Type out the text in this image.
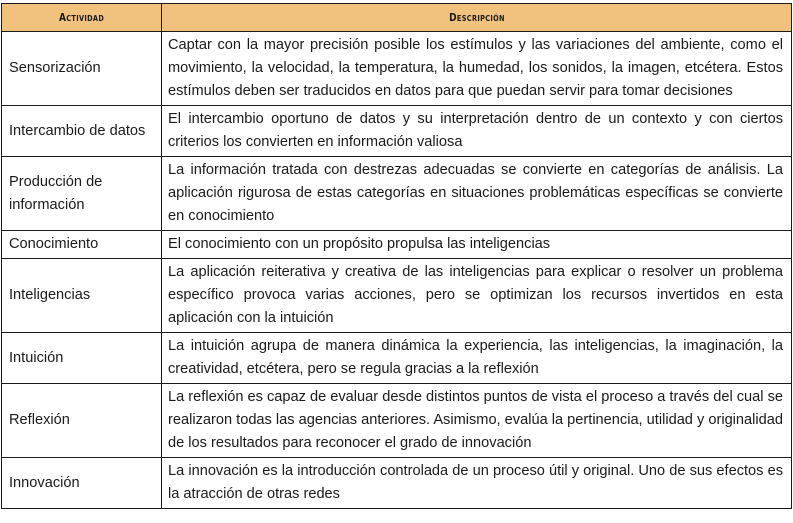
Actividad	Descripción
Sensorización	Captar con la mayor precisión posible los estímulos y las variaciones del ambiente, como el movimiento, la velocidad, la temperatura, la humedad, los sonidos, la imagen, etcétera. Estos estímulos deben ser traducidos en datos para que puedan servir para tomar decisiones
Intercambio de datos	El intercambio oportuno de datos y su interpretación dentro de un contexto y con ciertos criterios los convierten en información valiosa
Producción de información	La información tratada con destrezas adecuadas se convierte en categorías de análisis. La aplicación rigurosa de estas categorías en situaciones problemáticas específicas se convierte en conocimiento
Conocimiento	El conocimiento con un propósito propulsa las inteligencias
Inteligencias	La aplicación reiterativa y creativa de las inteligencias para explicar o resolver un problema específico provoca varias acciones, pero se optimizan los recursos invertidos en esta aplicación con la intuición
Intuición	La intuición agrupa de manera dinámica la experiencia, las inteligencias, la imaginación, la creatividad, etcétera, pero se regula gracias a la reflexión
Reflexión	La reflexión es capaz de evaluar desde distintos puntos de vista el proceso a través del cual se realizaron todas las agencias anteriores. Asimismo, evalúa la pertinencia, utilidad y originalidad de los resultados para reconocer el grado de innovación
Innovación	La innovación es la introducción controlada de un proceso útil y original. Uno de sus efectos es la atracción de otras redes
